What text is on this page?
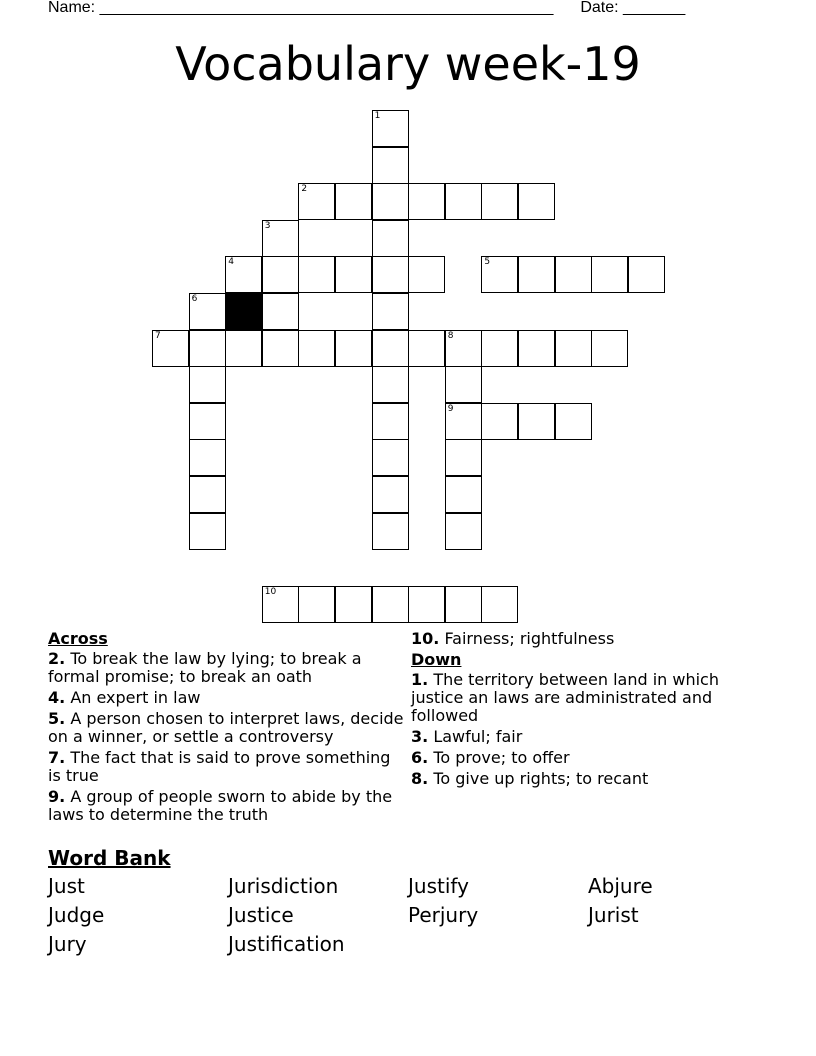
Name: ___________________________________________________ Date: _______
Vocabulary week-19
1
2
3
4	5
6
7	8
9
10
Across
2. To break the law by lying; to break a formal promise; to break an oath
4. An expert in law
5. A person chosen to interpret laws, decide on a winner, or settle a controversy
7. The fact that is said to prove something is true
9. A group of people sworn to abide by the laws to determine the truth
10. Fairness; rightfulness
Down
1. The territory between land in which justice an laws are administrated and followed
3. Lawful; fair
6. To prove; to offer
8. To give up rights; to recant
Word Bank
Just	Jurisdiction	Justify	Abjure
Judge	Justice	Perjury	Jurist
Jury	Justification
